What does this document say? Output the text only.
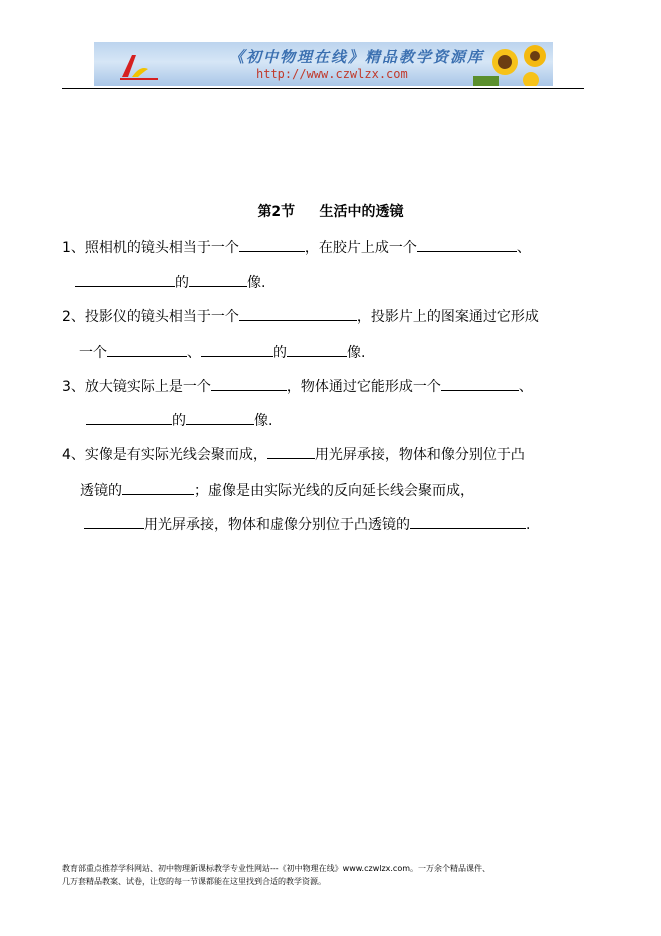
《初中物理在线》精品教学资源库
http://www.czwlzx.com
第2节     生活中的透镜
1、照相机的镜头相当于一个	，在胶片上成一个	、
的	像.
2、投影仪的镜头相当于一个	，投影片上的图案通过它形成
一个	、	的	像.
3、放大镜实际上是一个	，物体通过它能形成一个	、
的	像.
4、实像是有实际光线会聚而成，	用光屏承接，物体和像分别位于凸
透镜的	；虚像是由实际光线的反向延长线会聚而成，
用光屏承接，物体和虚像分别位于凸透镜的	.
教育部重点推荐学科网站、初中物理新课标教学专业性网站---《初中物理在线》www.czwlzx.com。一万余个精品课件、
几万套精品教案、试卷，让您的每一节课都能在这里找到合适的教学资源。
